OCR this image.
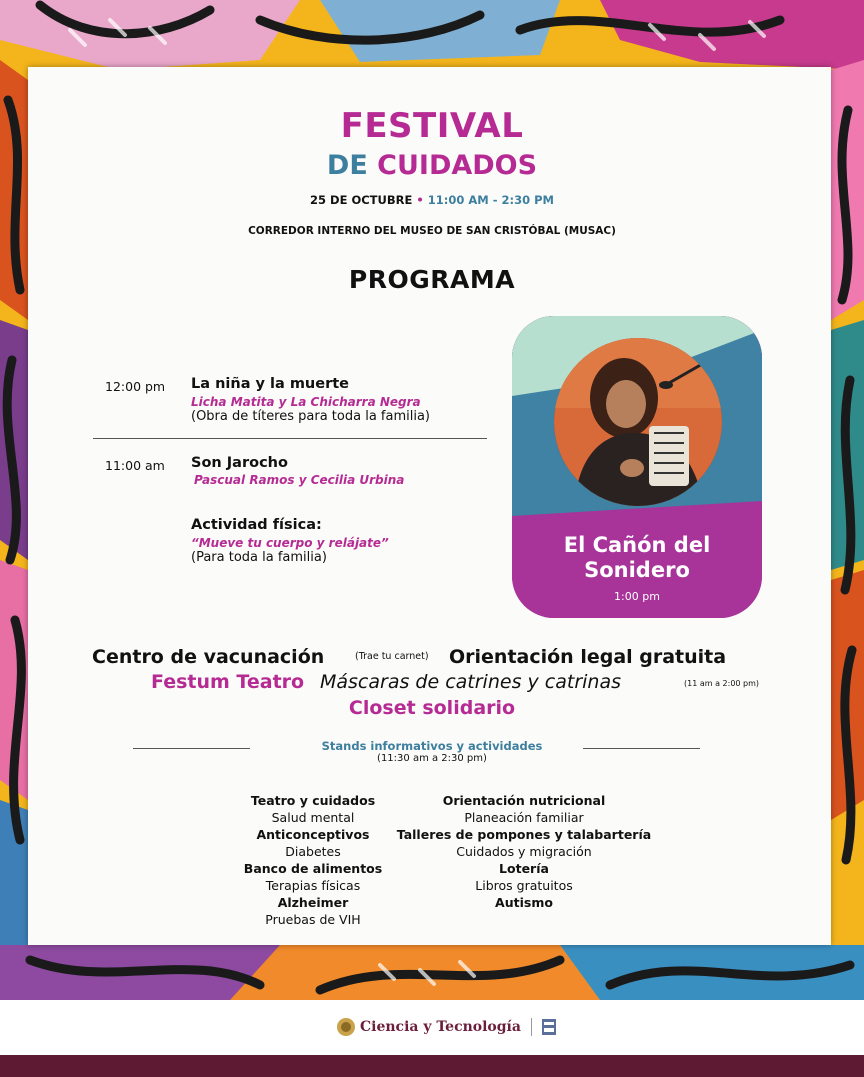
FESTIVAL
DE CUIDADOS
25 DE OCTUBRE • 11:00 AM - 2:30 PM
CORREDOR INTERNO DEL MUSEO DE SAN CRISTÓBAL (MUSAC)
PROGRAMA
12:00 pm La niña y la muerte
Licha Matita y La Chicharra Negra
(Obra de títeres para toda la familia)
11:00 am Son Jarocho
Pascual Ramos y Cecilia Urbina
Actividad física:
“Mueve tu cuerpo y relájate”
(Para toda la familia)
El Cañón del
Sonidero
1:00 pm
Centro de vacunación	(Trae tu carnet) Orientación legal gratuita
Festum Teatro Máscaras de catrines y catrinas	(11 am a 2:00 pm)
Closet solidario
Stands informativos y actividades
(11:30 am a 2:30 pm)
Teatro y cuidados
Salud mental
Anticonceptivos
Diabetes
Banco de alimentos
Terapias físicas
Alzheimer
Pruebas de VIH
Orientación nutricional
Planeación familiar
Talleres de pompones y talabartería
Cuidados y migración
Lotería
Libros gratuitos
Autismo
Ciencia y Tecnología
